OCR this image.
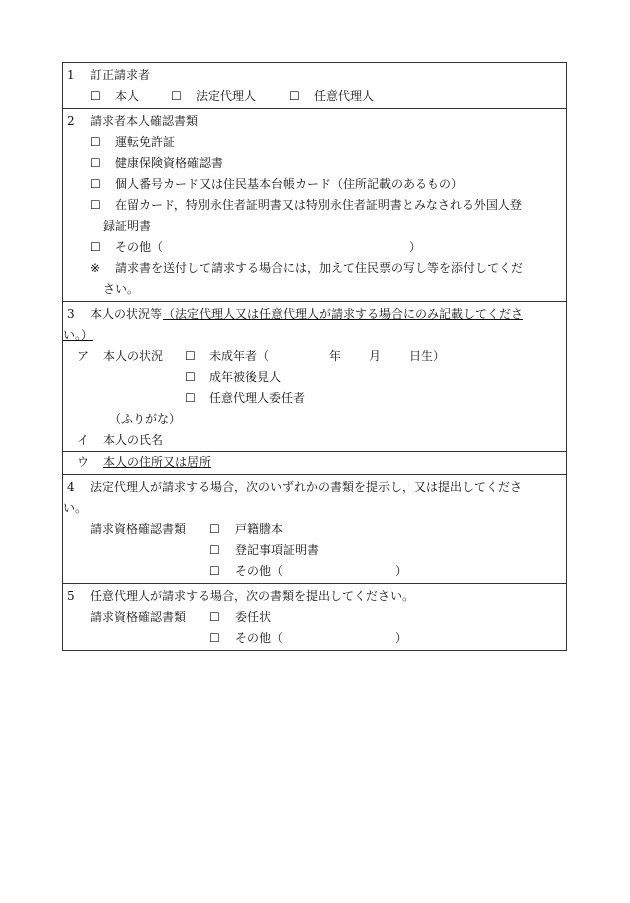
1 訂正請求者
☐ 本人	☐ 法定代理人	☐ 任意代理人
2 請求者本人確認書類
☐ 運転免許証
☐ 健康保険資格確認書
☐ 個人番号カード又は住民基本台帳カード（住所記載のあるもの）
☐ 在留カード，特別永住者証明書又は特別永住者証明書とみなされる外国人登
録証明書
☐ その他（	）
※ 請求書を送付して請求する場合には，加えて住民票の写し等を添付してくだ
さい。
3 本人の状況等 （法定代理人又は任意代理人が請求する場合にのみ記載してくださ
い。）
ア 本人の状況 ☐ 未成年者（	年 月 日生）
☐ 成年被後見人
☐ 任意代理人委任者
（ふりがな）
イ 本人の氏名
ウ 本人の住所又は居所
4 法定代理人が請求する場合，次のいずれかの書類を提示し，又は提出してくださ
い。
請求資格確認書類 ☐ 戸籍謄本
☐ 登記事項証明書
☐ その他（	）
5 任意代理人が請求する場合，次の書類を提出してください。
請求資格確認書類 ☐ 委任状
☐ その他（	）
